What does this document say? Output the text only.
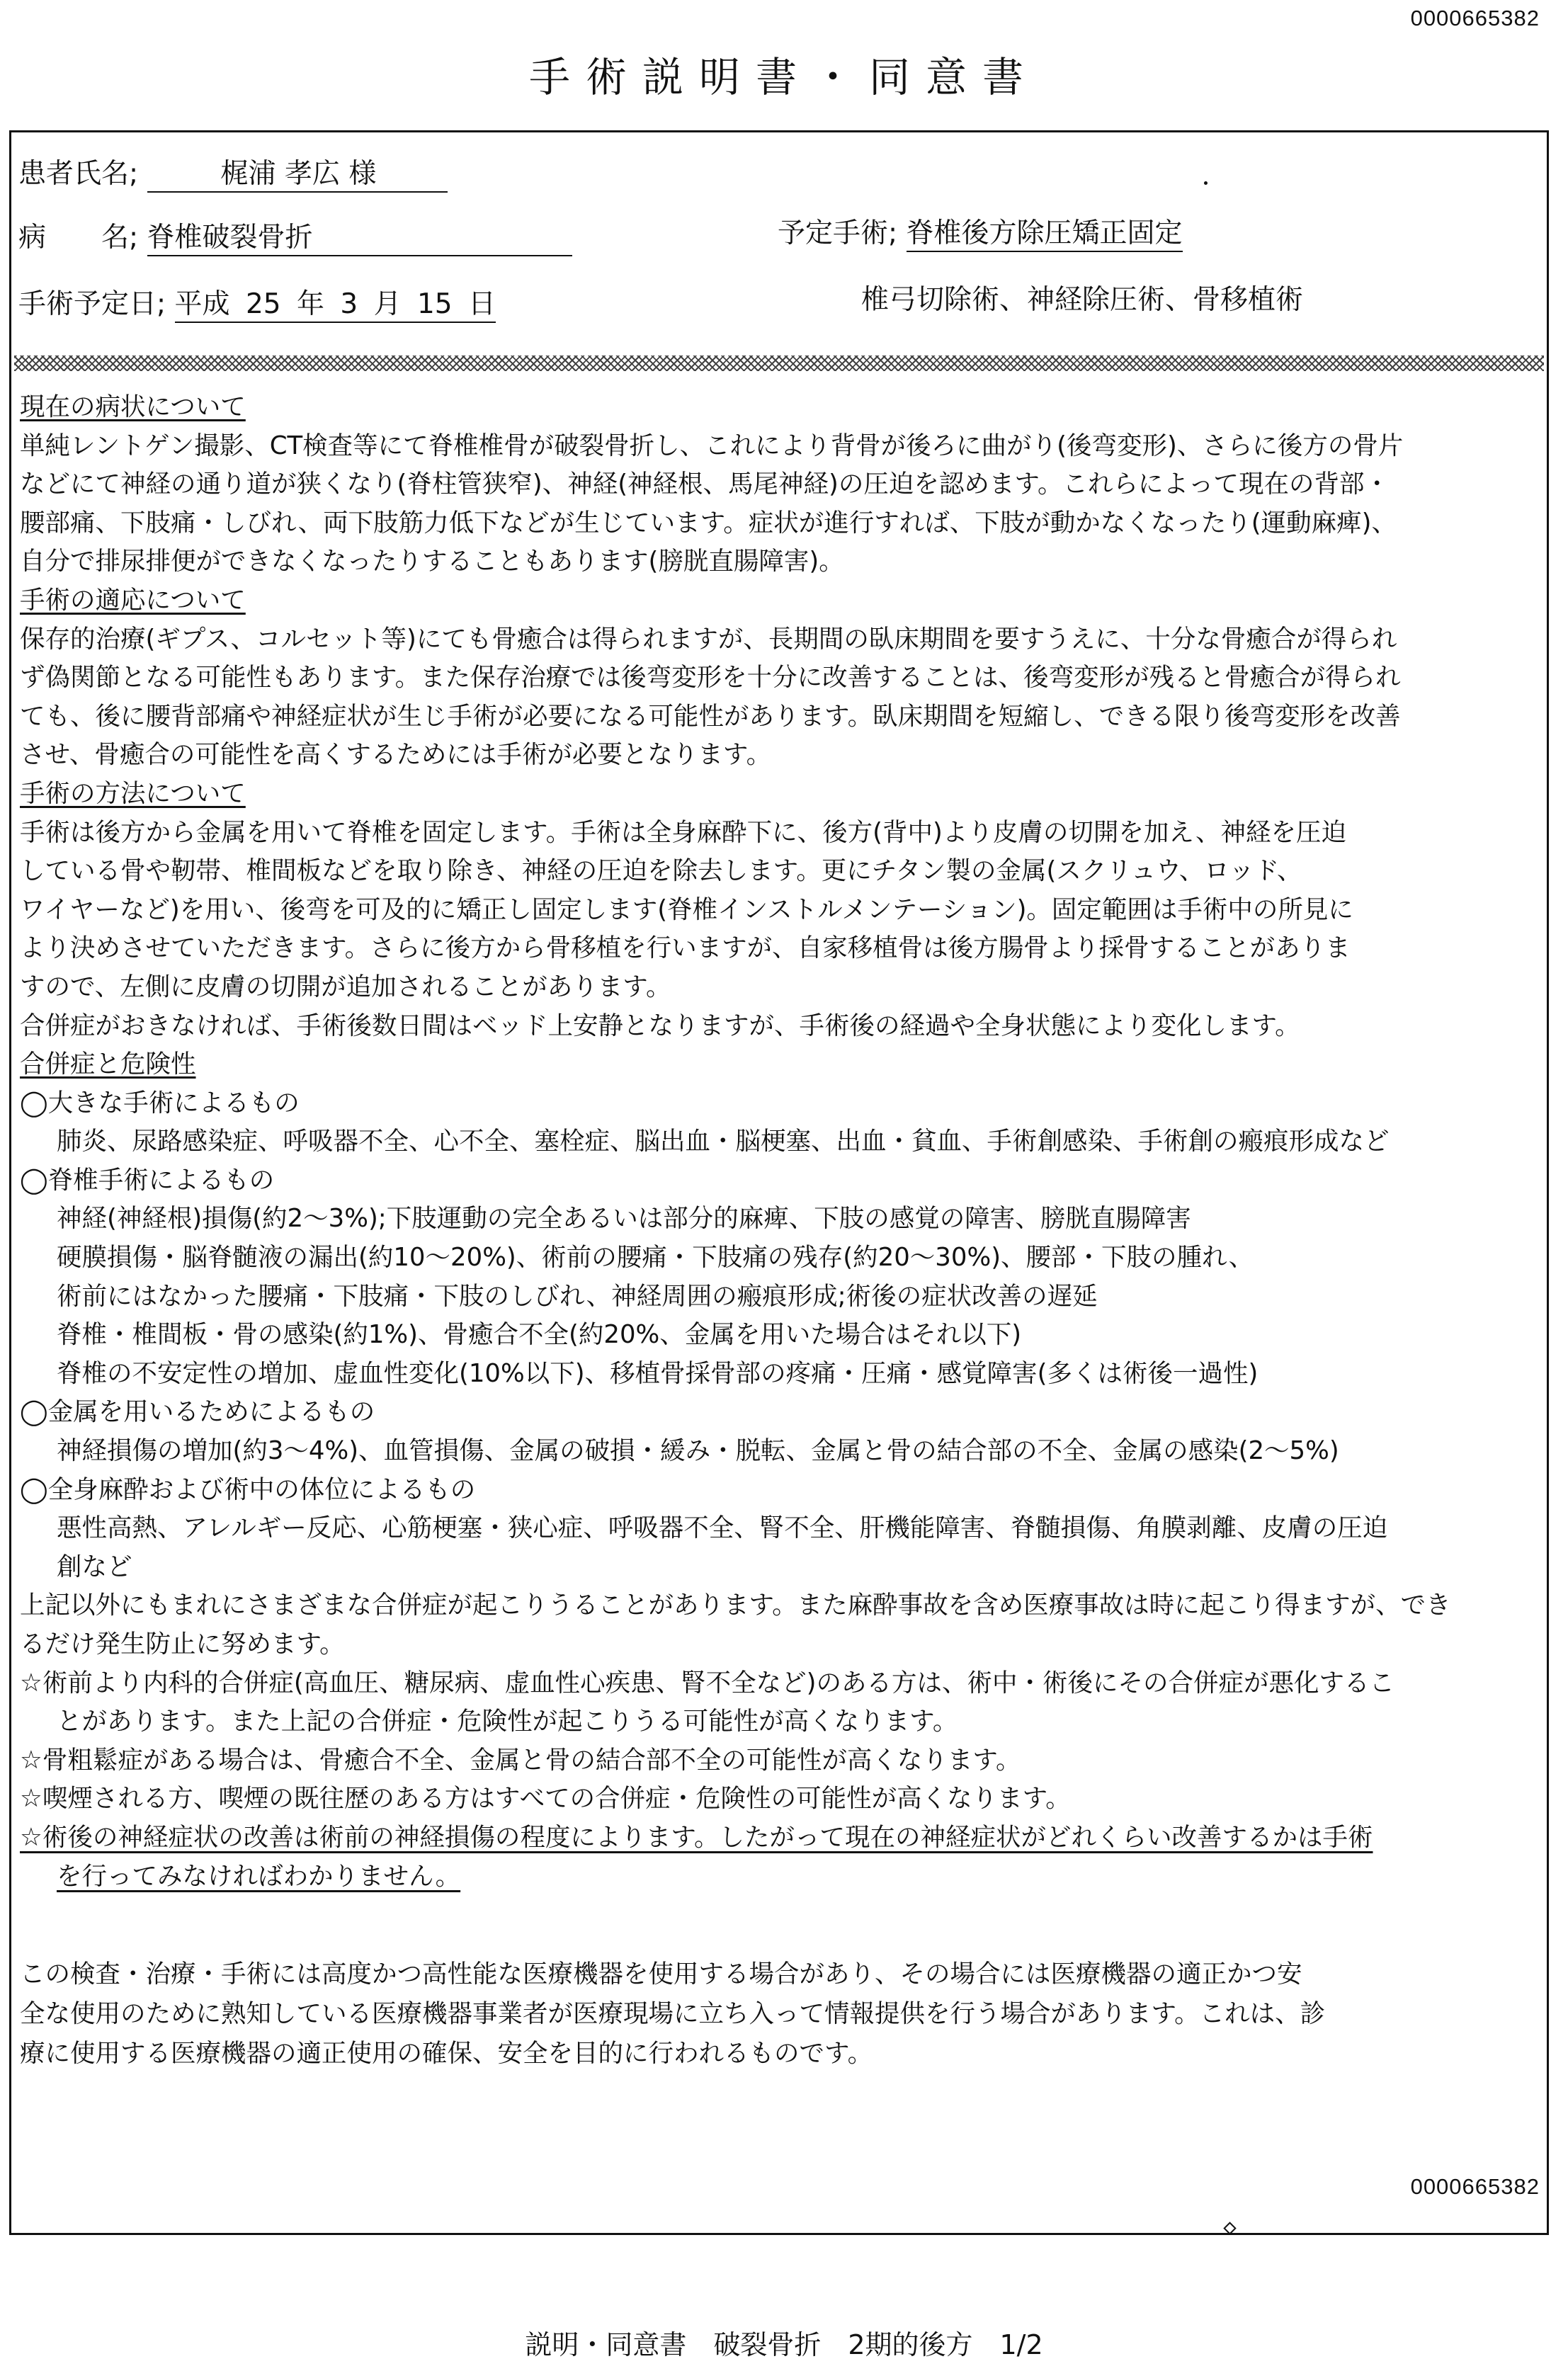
0000665382
手術説明書・同意書
患者氏名;	梶浦 孝広 様
病　　名; 脊椎破裂骨折	予定手術; 脊椎後方除圧矯正固定
手術予定日; 平成 25 年 3 月 15 日	椎弓切除術、神経除圧術、骨移植術

現在の病状について

単純レントゲン撮影、CT検査等にて脊椎椎骨が破裂骨折し、これにより背骨が後ろに曲がり(後弯変形)、さらに後方の骨片

などにて神経の通り道が狭くなり(脊柱管狭窄)、神経(神経根、馬尾神経)の圧迫を認めます。これらによって現在の背部・

腰部痛、下肢痛・しびれ、両下肢筋力低下などが生じています。症状が進行すれば、下肢が動かなくなったり(運動麻痺)、

自分で排尿排便ができなくなったりすることもあります(膀胱直腸障害)。

手術の適応について

保存的治療(ギプス、コルセット等)にても骨癒合は得られますが、長期間の臥床期間を要すうえに、十分な骨癒合が得られ

ず偽関節となる可能性もあります。また保存治療では後弯変形を十分に改善することは、後弯変形が残ると骨癒合が得られ

ても、後に腰背部痛や神経症状が生じ手術が必要になる可能性があります。臥床期間を短縮し、できる限り後弯変形を改善

させ、骨癒合の可能性を高くするためには手術が必要となります。

手術の方法について

手術は後方から金属を用いて脊椎を固定します。手術は全身麻酔下に、後方(背中)より皮膚の切開を加え、神経を圧迫

している骨や靭帯、椎間板などを取り除き、神経の圧迫を除去します。更にチタン製の金属(スクリュウ、ロッド、

ワイヤーなど)を用い、後弯を可及的に矯正し固定します(脊椎インストルメンテーション)。固定範囲は手術中の所見に

より決めさせていただきます。さらに後方から骨移植を行いますが、自家移植骨は後方腸骨より採骨することがありま

すので、左側に皮膚の切開が追加されることがあります。

合併症がおきなければ、手術後数日間はベッド上安静となりますが、手術後の経過や全身状態により変化します。

合併症と危険性

◯大きな手術によるもの

肺炎、尿路感染症、呼吸器不全、心不全、塞栓症、脳出血・脳梗塞、出血・貧血、手術創感染、手術創の瘢痕形成など

◯脊椎手術によるもの

神経(神経根)損傷(約2～3%);下肢運動の完全あるいは部分的麻痺、下肢の感覚の障害、膀胱直腸障害

硬膜損傷・脳脊髄液の漏出(約10～20%)、術前の腰痛・下肢痛の残存(約20～30%)、腰部・下肢の腫れ、

術前にはなかった腰痛・下肢痛・下肢のしびれ、神経周囲の瘢痕形成;術後の症状改善の遅延

脊椎・椎間板・骨の感染(約1%)、骨癒合不全(約20%、金属を用いた場合はそれ以下)

脊椎の不安定性の増加、虚血性変化(10%以下)、移植骨採骨部の疼痛・圧痛・感覚障害(多くは術後一過性)

◯金属を用いるためによるもの

神経損傷の増加(約3～4%)、血管損傷、金属の破損・緩み・脱転、金属と骨の結合部の不全、金属の感染(2～5%)

◯全身麻酔および術中の体位によるもの

悪性高熱、アレルギー反応、心筋梗塞・狭心症、呼吸器不全、腎不全、肝機能障害、脊髄損傷、角膜剥離、皮膚の圧迫

創など

上記以外にもまれにさまざまな合併症が起こりうることがあります。また麻酔事故を含め医療事故は時に起こり得ますが、でき

るだけ発生防止に努めます。

☆術前より内科的合併症(高血圧、糖尿病、虚血性心疾患、腎不全など)のある方は、術中・術後にその合併症が悪化するこ

とがあります。また上記の合併症・危険性が起こりうる可能性が高くなります。

☆骨粗鬆症がある場合は、骨癒合不全、金属と骨の結合部不全の可能性が高くなります。

☆喫煙される方、喫煙の既往歴のある方はすべての合併症・危険性の可能性が高くなります。

☆術後の神経症状の改善は術前の神経損傷の程度によります。したがって現在の神経症状がどれくらい改善するかは手術

を行ってみなければわかりません。

この検査・治療・手術には高度かつ高性能な医療機器を使用する場合があり、その場合には医療機器の適正かつ安

全な使用のために熟知している医療機器事業者が医療現場に立ち入って情報提供を行う場合があります。これは、診

療に使用する医療機器の適正使用の確保、安全を目的に行われるものです。

0000665382
説明・同意書　破裂骨折　2期的後方　1/2
